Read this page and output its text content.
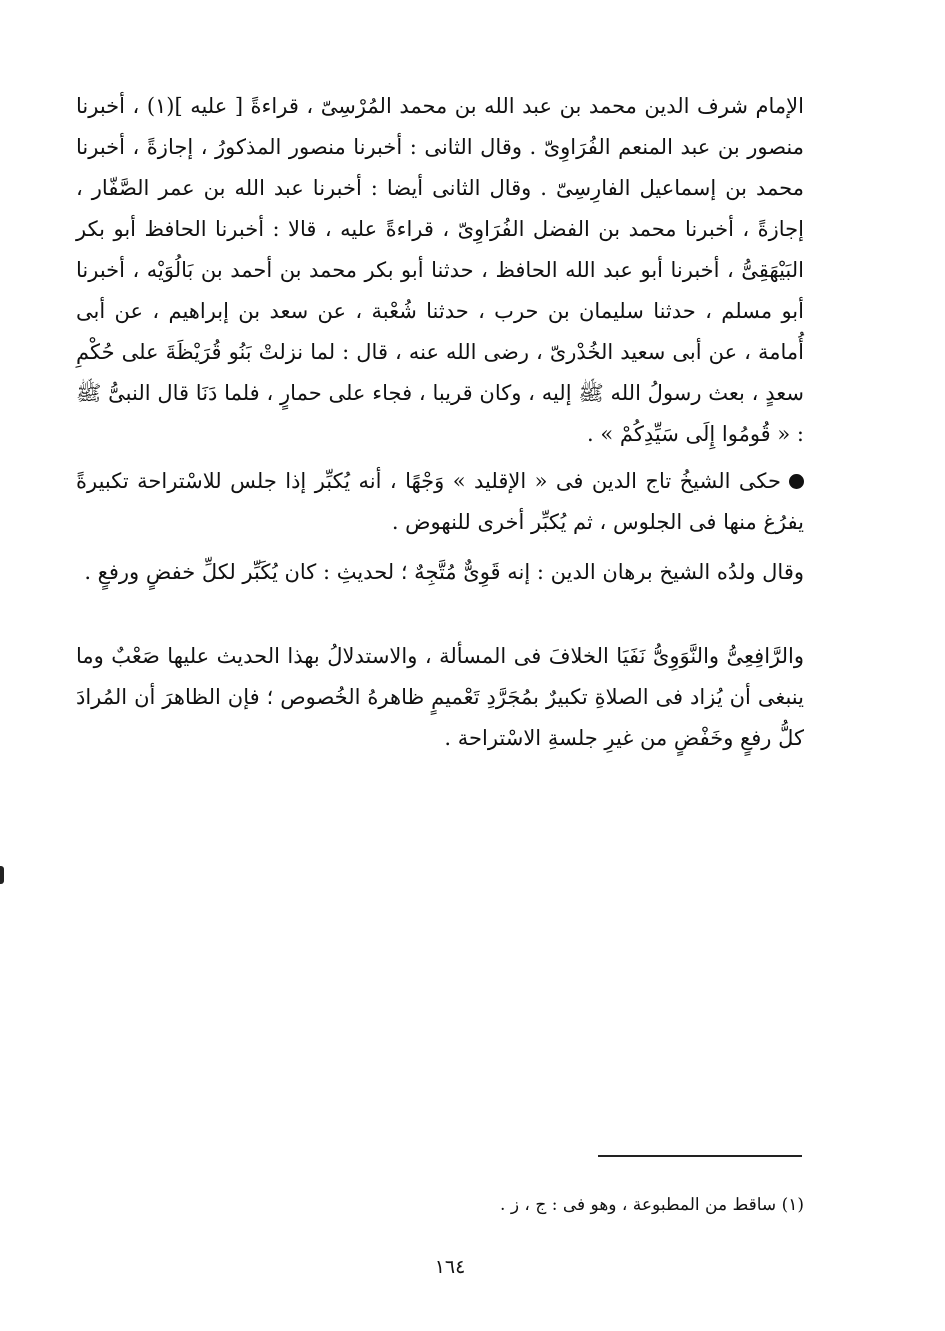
الإمام شرف الدين محمد بن عبد الله بن محمد المُرْسِىّ ، قراءةً [ عليه ](١) ، أخبرنا منصور بن عبد المنعم الفُرَاوِىّ . وقال الثانى : أخبرنا منصور المذكورُ ، إجازةً ، أخبرنا محمد بن إسماعيل الفارِسِىّ . وقال الثانى أيضا : أخبرنا عبد الله بن عمر الصَّفّار ، إجازةً ، أخبرنا محمد بن الفضل الفُرَاوِىّ ، قراءةً عليه ، قالا : أخبرنا الحافظ أبو بكر البَيْهَقِىُّ ، أخبرنا أبو عبد الله الحافظ ، حدثنا أبو بكر محمد بن أحمد بن بَالُوَيْه ، أخبرنا أبو مسلم ، حدثنا سليمان بن حرب ، حدثنا شُعْبة ، عن سعد بن إبراهيم ، عن أبى أُمامة ، عن أبى سعيد الخُدْرىّ ، رضى الله عنه ، قال : لما نزلتْ بَنُو قُرَيْظَةَ على حُكْمِ سعدٍ ، بعث رسولُ الله ﷺ إليه ، وكان قريبا ، فجاء على حمارٍ ، فلما دَنَا قال النبىُّ ﷺ : « قُومُوا إِلَى سَيِّدِكُمْ » .

حكى الشيخُ تاج الدين فى « الإقليد » وَجْهًا ، أنه يُكبِّر إذا جلس للاسْتراحة تكبيرةً يفرُغ منها فى الجلوس ، ثم يُكبِّر أخرى للنهوض .

وقال ولدُه الشيخ برهان الدين : إنه قَوِىٌّ مُتَّجِهٌ ؛ لحديثِ : كان يُكَبِّر لكلِّ خفضٍ ورفعٍ .

والرَّافِعِىُّ والنَّوَوِىُّ نَفَيَا الخلافَ فى المسألة ، والاستدلالُ بهذا الحديث عليها صَعْبٌ وما ينبغى أن يُزاد فى الصلاةِ تكبيرٌ بمُجَرَّدِ تَعْميمٍ ظاهرهُ الخُصوص ؛ فإن الظاهرَ أن المُرادَ كلُّ رفعٍ وخَفْضٍ من غيرِ جلسةِ الاسْتراحة .

(١) ساقط من المطبوعة ، وهو فى : ج ، ز .
١٦٤
